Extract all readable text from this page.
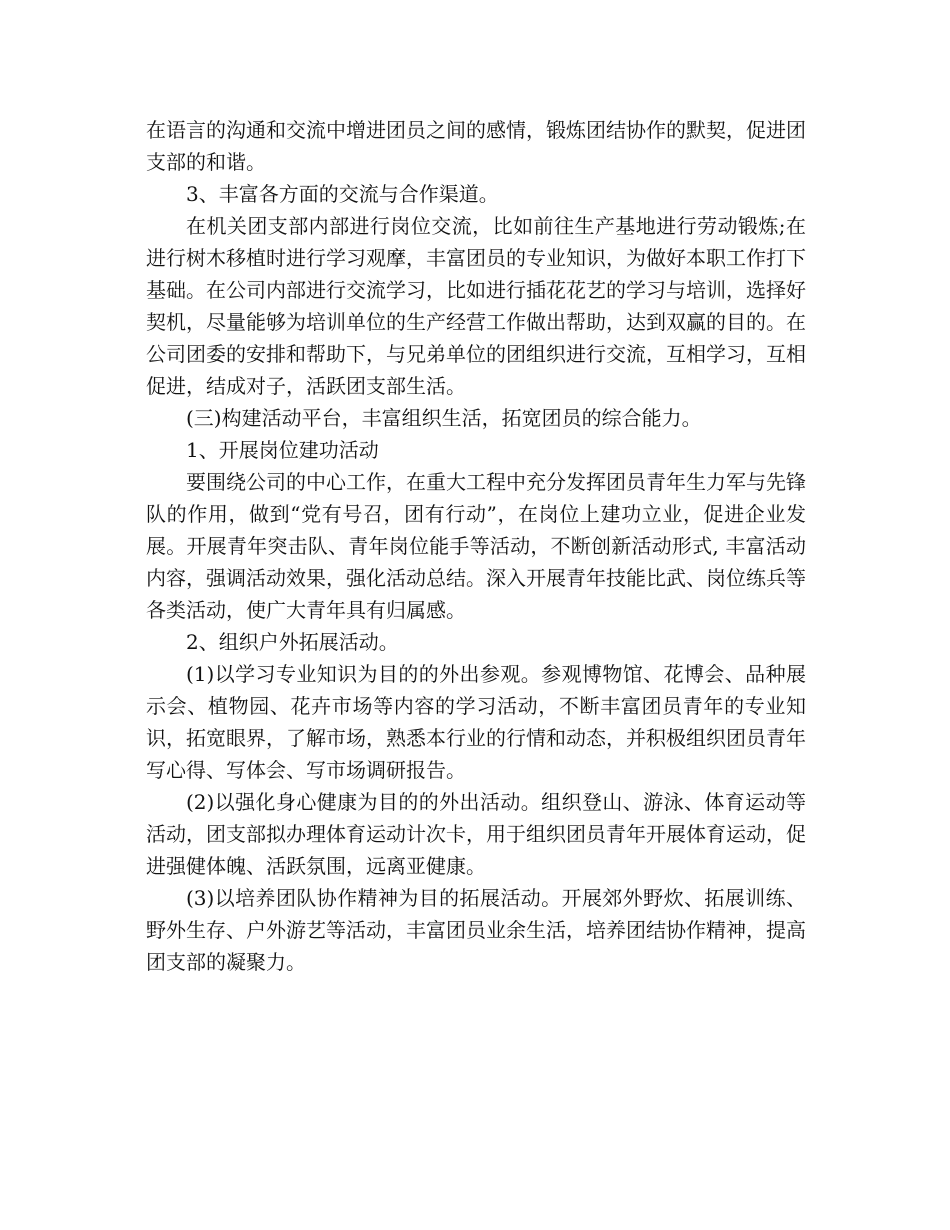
在语言的沟通和交流中增进团员之间的感情，锻炼团结协作的默契，促进团支部的和谐。

3、丰富各方面的交流与合作渠道。

在机关团支部内部进行岗位交流，比如前往生产基地进行劳动锻炼;在进行树木移植时进行学习观摩，丰富团员的专业知识，为做好本职工作打下基础。在公司内部进行交流学习，比如进行插花花艺的学习与培训，选择好契机，尽量能够为培训单位的生产经营工作做出帮助，达到双赢的目的。在公司团委的安排和帮助下，与兄弟单位的团组织进行交流，互相学习，互相促进，结成对子，活跃团支部生活。

(三)构建活动平台，丰富组织生活，拓宽团员的综合能力。

1、开展岗位建功活动

要围绕公司的中心工作，在重大工程中充分发挥团员青年生力军与先锋队的作用，做到“党有号召，团有行动”，在岗位上建功立业，促进企业发展。开展青年突击队、青年岗位能手等活动，不断创新活动形式, 丰富活动内容，强调活动效果，强化活动总结。深入开展青年技能比武、岗位练兵等各类活动，使广大青年具有归属感。

2、组织户外拓展活动。

(1)以学习专业知识为目的的外出参观。参观博物馆、花博会、品种展示会、植物园、花卉市场等内容的学习活动，不断丰富团员青年的专业知识，拓宽眼界，了解市场，熟悉本行业的行情和动态，并积极组织团员青年写心得、写体会、写市场调研报告。

(2)以强化身心健康为目的的外出活动。组织登山、游泳、体育运动等活动，团支部拟办理体育运动计次卡，用于组织团员青年开展体育运动，促进强健体魄、活跃氛围，远离亚健康。

(3)以培养团队协作精神为目的拓展活动。开展郊外野炊、拓展训练、野外生存、户外游艺等活动，丰富团员业余生活，培养团结协作精神，提高团支部的凝聚力。
